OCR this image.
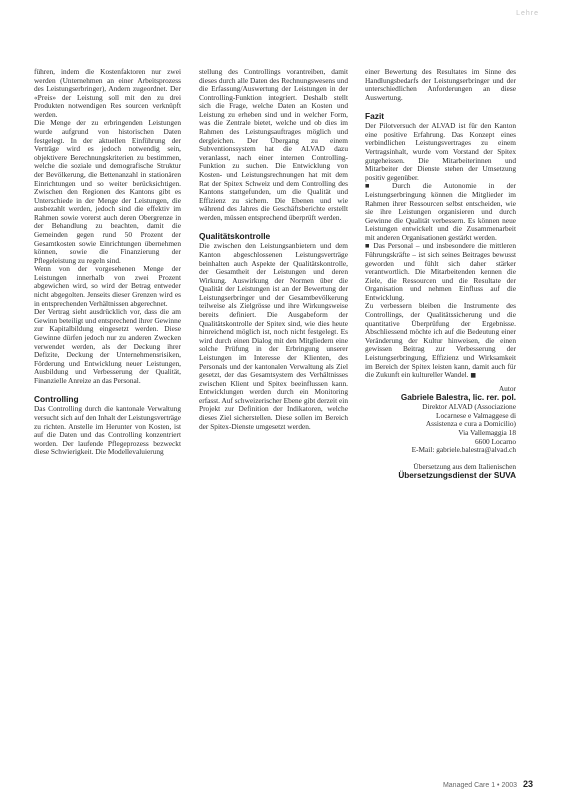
Lehre

führen, indem die Kostenfaktoren nur zwei werden (Unternehmen an einer Arbeitsprozess des Leistungserbringer), Andern zugeordnet. Der «Preis» der Leistung soll mit den zu drei Produkten notwendigen Res sourcen verknüpft werden.

Die Menge der zu erbringenden Leistungen wurde aufgrund von historischen Daten festgelegt. In der aktuellen Einführung der Verträge wird es jedoch notwendig sein, objektivere Berechnungskriterien zu bestimmen, welche die soziale und demografische Struktur der Bevölkerung, die Bettenanzahl in stationären Einrichtungen und so weiter berücksichtigen. Zwischen den Regionen des Kantons gibt es Unterschiede in der Menge der Leistungen, die ausbezahlt werden, jedoch sind die effektiv im Rahmen sowie vorerst auch deren Obergrenze in der Behandlung zu beachten, damit die Gemeinden gegen rund 50 Prozent der Gesamtkosten sowie Einrichtungen übernehmen können, sowie die Finanzierung der Pflegeleistung zu regeln sind.

Wenn von der vorgesehenen Menge der Leistungen innerhalb von zwei Prozent abgewichen wird, so wird der Betrag entweder nicht abgegolten. Jenseits dieser Grenzen wird es in entsprechenden Verhältnissen abgerechnet.

Der Vertrag sieht ausdrücklich vor, dass die am Gewinn beteiligt und entsprechend ihrer Gewinne zur Kapitalbildung eingesetzt werden. Diese Gewinne dürfen jedoch nur zu anderen Zwecken verwendet werden, als der Deckung ihrer Defizite, Deckung der Unternehmensrisiken, Förderung und Entwicklung neuer Leistungen, Ausbildung und Verbesserung der Qualität, Finanzielle Anreize an das Personal.

Controlling

Das Controlling durch die kantonale Verwaltung versucht sich auf den Inhalt der Leistungsverträge zu richten. Anstelle im Herunter von Kosten, ist auf die Daten und das Controlling konzentriert worden. Der laufende Pflegeprozess bezweckt diese Schwierigkeit. Die Modellevaluierung

stellung des Controllings vorantreiben, damit dieses durch alle Daten des Rechnungswesens und die Erfassung/Auswertung der Leistungen in der Controlling-Funktion integriert. Deshalb stellt sich die Frage, welche Daten an Kosten und Leistung zu erheben sind und in welcher Form, was die Zentrale bietet, welche und ob dies im Rahmen des Leistungsauftrages möglich und dergleichen. Der Übergang zu einem Subventionssystem hat die ALVAD dazu veranlasst, nach einer internen Controlling-Funktion zu suchen. Die Entwicklung von Kosten- und Leistungsrechnungen hat mit dem Rat der Spitex Schweiz und dem Controlling des Kantons stattgefunden, um die Qualität und Effizienz zu sichern. Die Ebenen und wie während des Jahres die Geschäftsberichte erstellt werden, müssen entsprechend überprüft werden.

Qualitätskontrolle

Die zwischen den Leistungsanbietern und dem Kanton abgeschlossenen Leistungsverträge beinhalten auch Aspekte der Qualitätskontrolle, der Gesamtheit der Leistungen und deren Wirkung. Auswirkung der Normen über die Qualität der Leistungen ist an der Bewertung der Leistungserbringer und der Gesamtbevölkerung teilweise als Zielgrösse und ihre Wirkungsweise bereits definiert. Die Ausgabeform der Qualitätskontrolle der Spitex sind, wie dies heute hinreichend möglich ist, noch nicht festgelegt. Es wird durch einen Dialog mit den Mitgliedern eine solche Prüfung in der Erbringung unserer Leistungen im Interesse der Klienten, des Personals und der kantonalen Verwaltung als Ziel gesetzt, der das Gesamtsystem des Verhältnisses zwischen Klient und Spitex beeinflussen kann. Entwicklungen werden durch ein Monitoring erfasst. Auf schweizerischer Ebene gibt derzeit ein Projekt zur Definition der Indikatoren, welche dieses Ziel sicherstellen. Diese sollen im Bereich der Spitex-Dienste umgesetzt werden.

einer Bewertung des Resultates im Sinne des Handlungsbedarfs der Leistungserbringer und der unterschiedlichen Anforderungen an diese Auswertung.

Fazit

Der Pilotversuch der ALVAD ist für den Kanton eine positive Erfahrung. Das Konzept eines verbindlichen Leistungsvertrages zu einem Vertragsinhalt, wurde vom Vorstand der Spitex gutgeheissen. Die Mitarbeiterinnen und Mitarbeiter der Dienste stehen der Umsetzung positiv gegenüber.

■ Durch die Autonomie in der Leistungserbringung können die Mitglieder im Rahmen ihrer Ressourcen selbst entscheiden, wie sie ihre Leistungen organisieren und durch Gewinne die Qualität verbessern. Es können neue Leistungen entwickelt und die Zusammenarbeit mit anderen Organisationen gestärkt werden.

■ Das Personal – und insbesondere die mittleren Führungskräfte – ist sich seines Beitrages bewusst geworden und fühlt sich daher stärker verantwortlich. Die Mitarbeitenden kennen die Ziele, die Ressourcen und die Resultate der Organisation und nehmen Einfluss auf die Entwicklung.

Zu verbessern bleiben die Instrumente des Controllings, der Qualitätssicherung und die quantitative Überprüfung der Ergebnisse. Abschliessend möchte ich auf die Bedeutung einer Veränderung der Kultur hinweisen, die einen gewissen Beitrag zur Verbesserung der Leistungserbringung, Effizienz und Wirksamkeit im Bereich der Spitex leisten kann, damit auch für die Zukunft ein kultureller Wandel. ■

Autor
Gabriele Balestra, lic. rer. pol.
Direktor ALVAD (Associazione
Locarnese e Valmaggese di
Assistenza e cura a Domicilio)
Via Vallemaggia 18
6600 Locarno
E-Mail: gabriele.balestra@alvad.ch
Übersetzung aus dem Italienischen
Übersetzungsdienst der SUVA
Managed Care 1 • 2003 23
